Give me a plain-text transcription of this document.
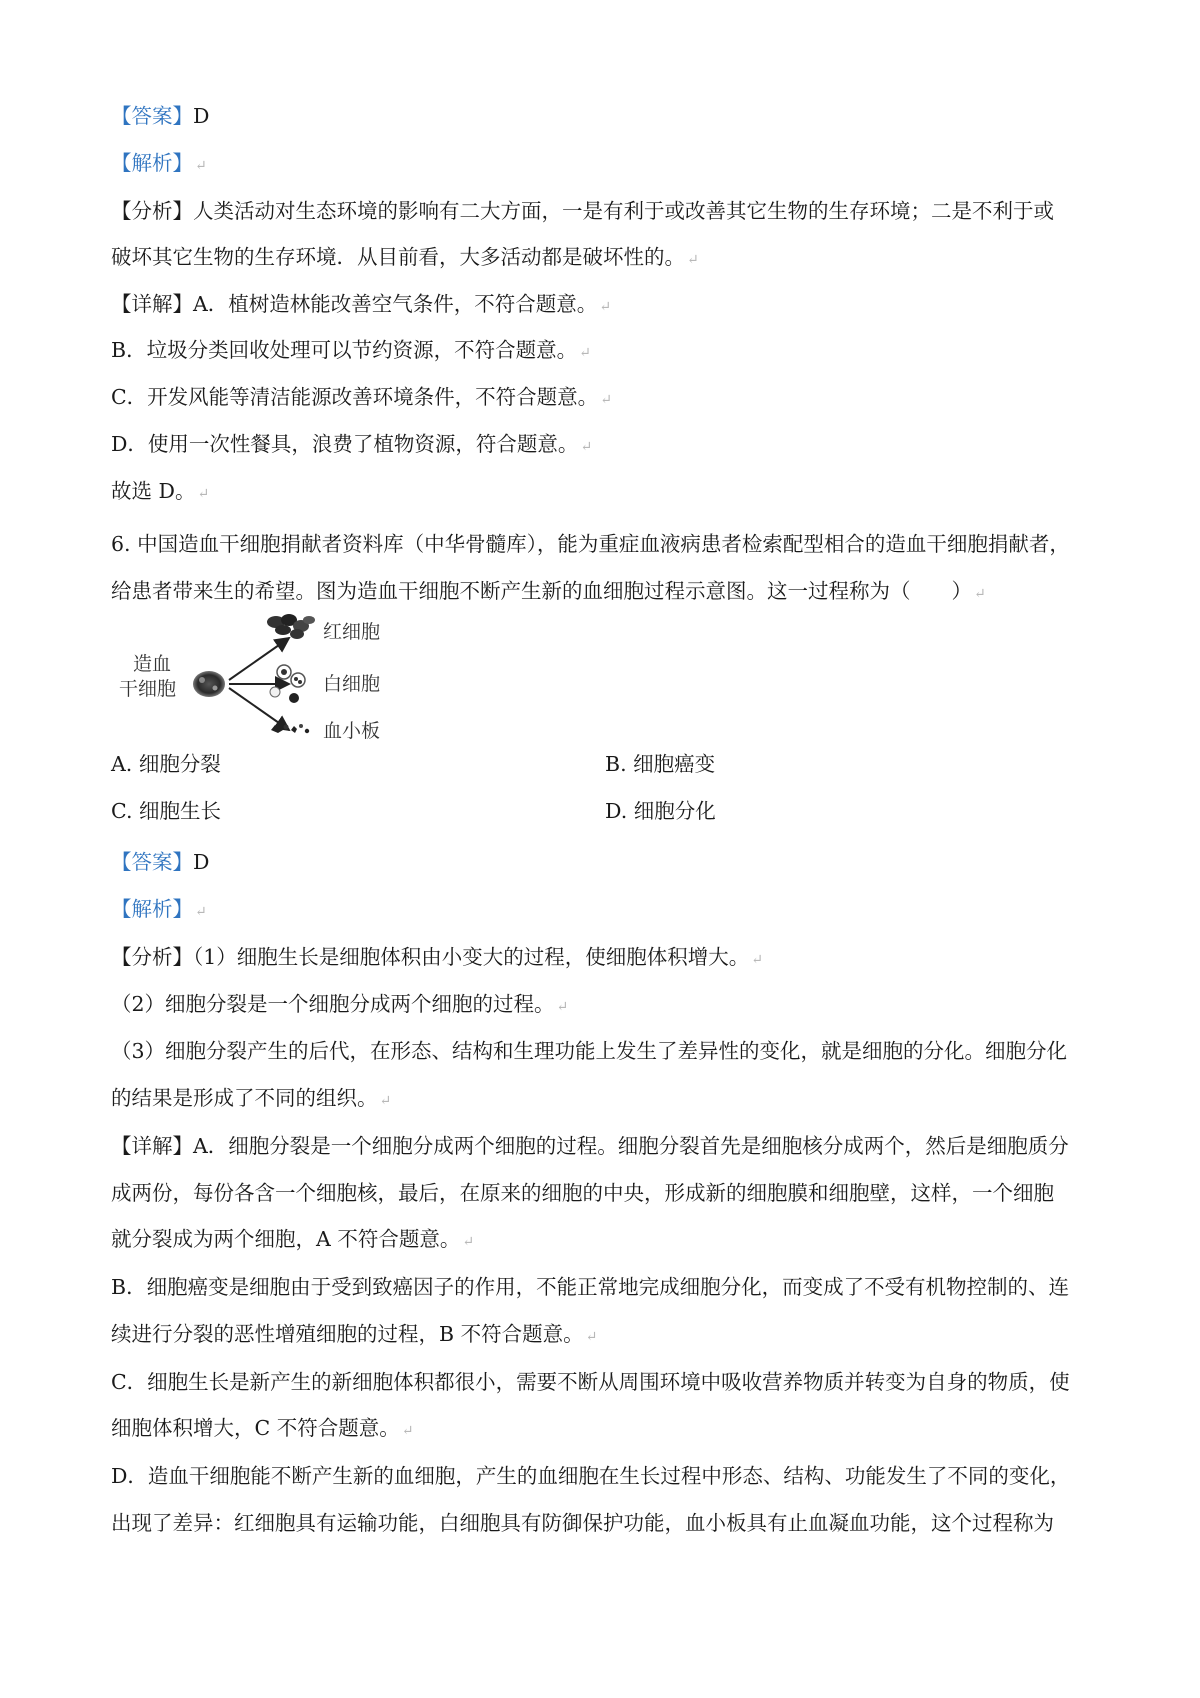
【答案】D
【解析】 ↵
【分析】人类活动对生态环境的影响有二大方面，一是有利于或改善其它生物的生存环境；二是不利于或
破坏其它生物的生存环境．从目前看，大多活动都是破坏性的。 ↵
【详解】A．植树造林能改善空气条件，不符合题意。 ↵
B．垃圾分类回收处理可以节约资源，不符合题意。 ↵
C．开发风能等清洁能源改善环境条件，不符合题意。 ↵
D．使用一次性餐具，浪费了植物资源，符合题意。 ↵
故选 D。 ↵
6. 中国造血干细胞捐献者资料库（中华骨髓库），能为重症血液病患者检索配型相合的造血干细胞捐献者，
给患者带来生的希望。图为造血干细胞不断产生新的血细胞过程示意图。这一过程称为（　　） ↵
造血
干细胞
红细胞
白细胞
血小板
A. 细胞分裂	B. 细胞癌变
C. 细胞生长	D. 细胞分化
【答案】D
【解析】 ↵
【分析】（1）细胞生长是细胞体积由小变大的过程，使细胞体积增大。 ↵
（2）细胞分裂是一个细胞分成两个细胞的过程。 ↵
（3）细胞分裂产生的后代，在形态、结构和生理功能上发生了差异性的变化，就是细胞的分化。细胞分化
的结果是形成了不同的组织。 ↵
【详解】A．细胞分裂是一个细胞分成两个细胞的过程。细胞分裂首先是细胞核分成两个，然后是细胞质分
成两份，每份各含一个细胞核，最后，在原来的细胞的中央，形成新的细胞膜和细胞壁，这样，一个细胞
就分裂成为两个细胞，A 不符合题意。 ↵
B．细胞癌变是细胞由于受到致癌因子的作用，不能正常地完成细胞分化，而变成了不受有机物控制的、连
续进行分裂的恶性增殖细胞的过程，B 不符合题意。 ↵
C．细胞生长是新产生的新细胞体积都很小，需要不断从周围环境中吸收营养物质并转变为自身的物质，使
细胞体积增大，C 不符合题意。 ↵
D．造血干细胞能不断产生新的血细胞，产生的血细胞在生长过程中形态、结构、功能发生了不同的变化，
出现了差异：红细胞具有运输功能，白细胞具有防御保护功能，血小板具有止血凝血功能，这个过程称为
